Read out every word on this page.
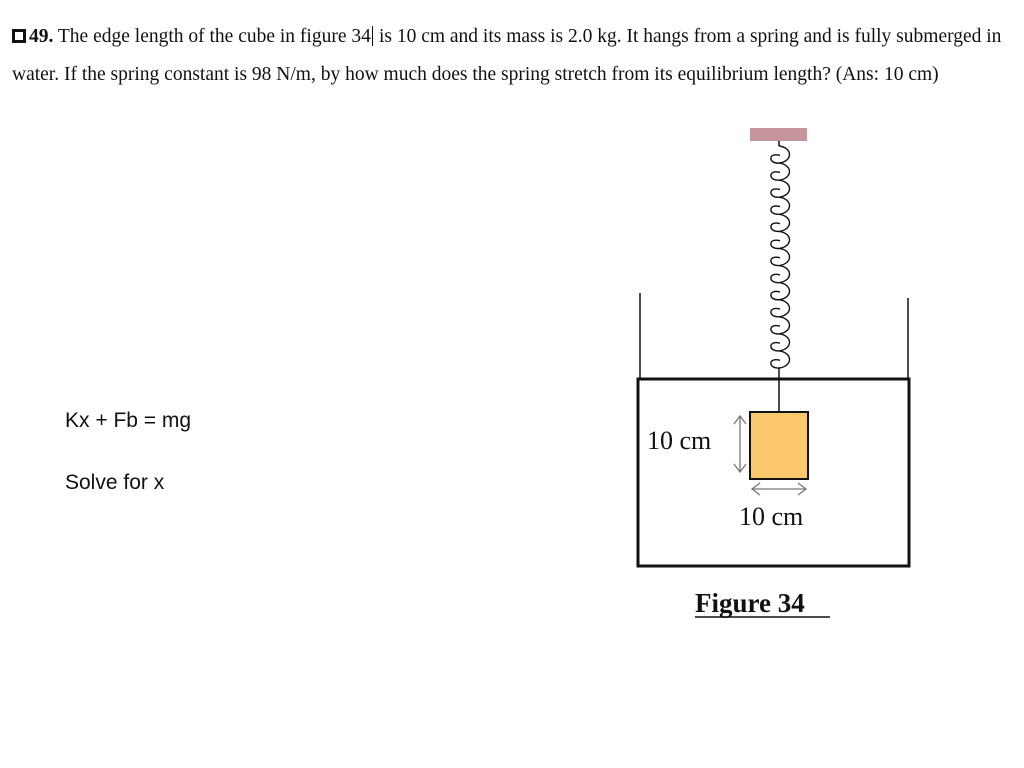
49. The edge length of the cube in figure 34 is 10 cm and its mass is 2.0 kg. It hangs from a spring and is fully submerged in water. If the spring constant is 98 N/m, by how much does the spring stretch from its equilibrium length? (Ans: 10 cm)

Kx + Fb = mg

Solve for x

10 cm
10 cm
Figure 34
